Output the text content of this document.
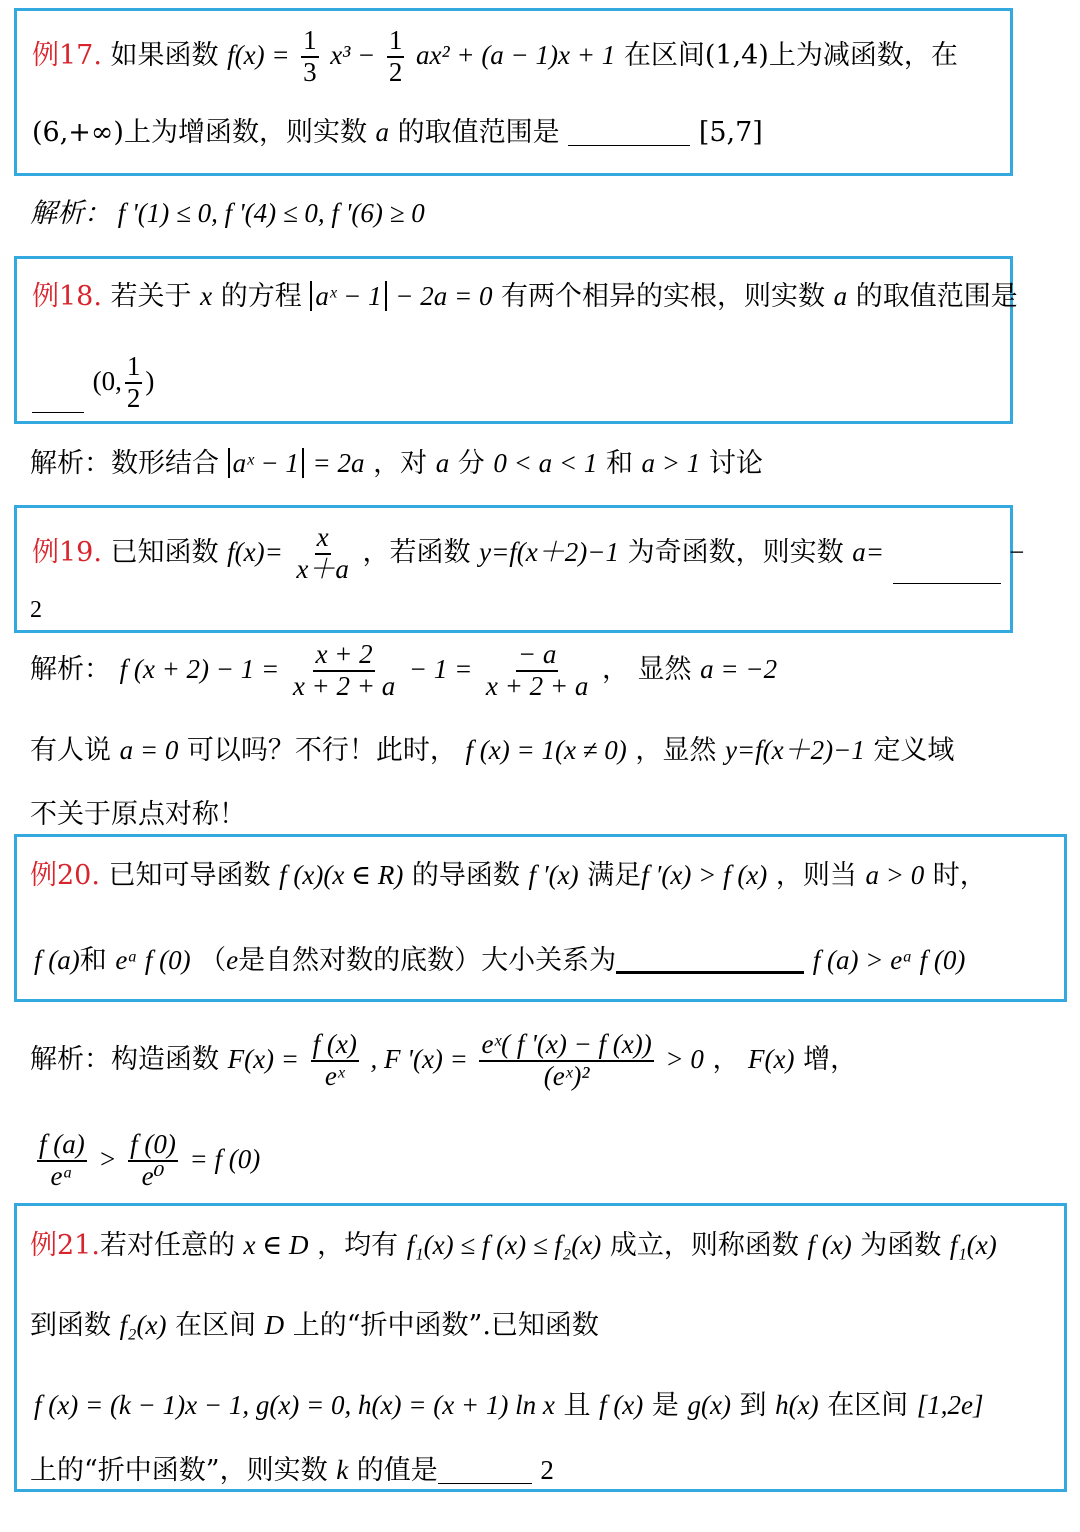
例17. 如果函数 $f(x) = \frac{1}{3} x^3 - \frac{1}{2} ax^2 + (a - 1)x + 1$ 在区间(1,4)上为减函数，在
(6,+∞)上为增函数，则实数 a 的取值范围是	[5,7]
解析： f '(1) ≤ 0, f '(4) ≤ 0, f '(6) ≥ 0
例18. 若关于 x 的方程 aˣ − 1 − 2a = 0 有两个相异的实根，则实数 a 的取值范围是
(0, $\frac{1}{2}$ )
解析：数形结合 aˣ − 1 = 2a ，对 a 分 0 < a < 1 和 a > 1 讨论
例19. 已知函数 $f(x)= \frac{x}{x+a}$ ，若函数 y=f(x＋2)−1 为奇函数，则实数 a=	−
2
解析： f $(x + 2) - 1 = \frac{x + 2}{x + 2 + a} - 1 = \frac{- a}{x + 2 + a}$ ， 显然 a = −2
有人说 a = 0 可以吗？不行！此时， f (x) = 1(x ≠ 0) ，显然 y=f(x＋2)−1 定义域
不关于原点对称！
例20. 已知可导函数 f (x)(x ∈ R) 的导函数 f ′(x) 满足f ′(x) > f (x) ，则当 a > 0 时，
f (a)和 eᵃ f (0) （e是自然对数的底数）大小关系为	f (a) > eᵃ f (0)
解析：构造函数 $F(x) = \frac{f (x)}{\text{eˣ}}$ , F '$(x) = \frac{\text{eˣ( f '(x) − f (x))}}{\text{(eˣ)²}} > 0$ ， F(x) 增，
$\frac{f (a)}{\text{eᵃ}} > \frac{f (0)}{\text{e⁰}} = f$ (0)
例21.若对任意的 x ∈ D ，均有 f₁(x) ≤ f (x) ≤ f₂(x) 成立，则称函数 f (x) 为函数 f₁(x)
到函数 f₂(x) 在区间 D 上的“折中函数”.已知函数
f (x) = (k − 1)x − 1, g(x) = 0, h(x) = (x + 1) ln x 且 f (x) 是 g(x) 到 h(x) 在区间 [1,2e]
上的“折中函数”，则实数 k 的值是	2
